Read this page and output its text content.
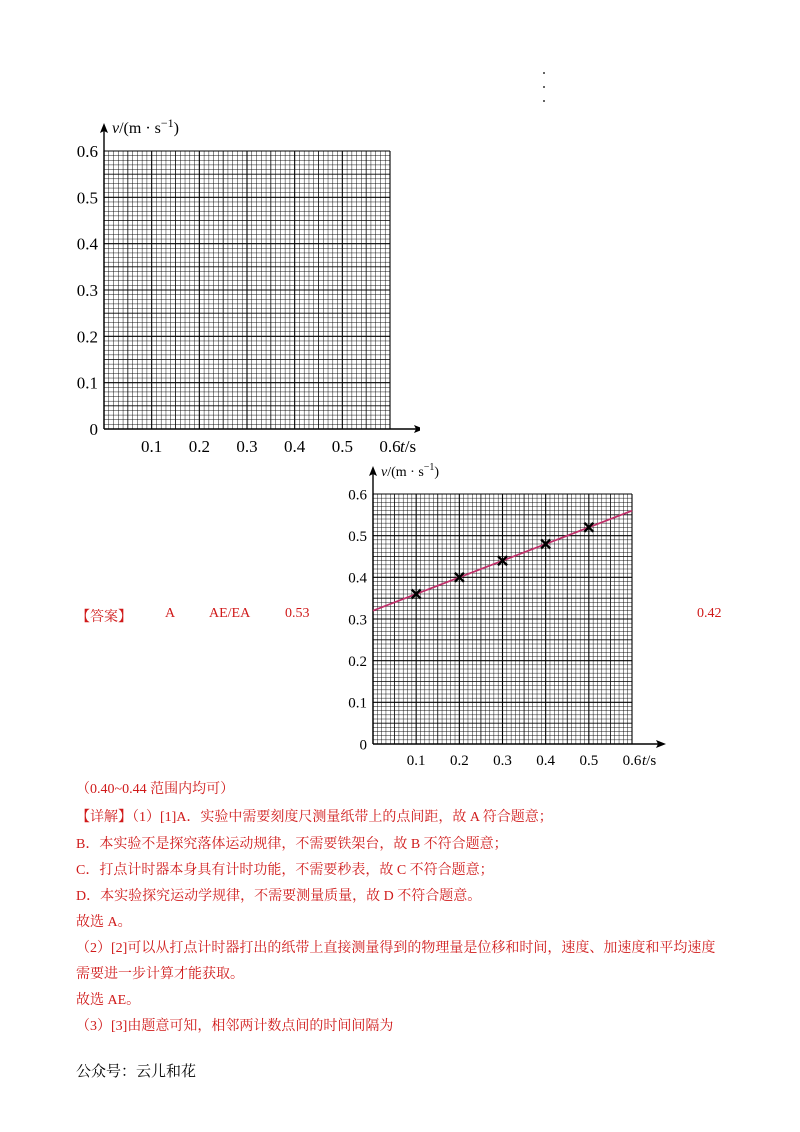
0.1 0.2 0.3 0.4 0.5 0.6
0.1
0.2
0.3
0.4
0.5
0.6
0
t/s
$v/(m \cdot s^{-1})$
0.1 0.2 0.3 0.4 0.5 0.6
0.1
0.2
0.3
0.4
0.5
0.6
0
t/s
$v/(m \cdot s^{-1})$
【答案】 A AE/EA 0.53	0.42
（0.40~0.44 范围内均可）
【详解】（1）[1]A．实验中需要刻度尺测量纸带上的点间距，故 A 符合题意；
B．本实验不是探究落体运动规律，不需要铁架台，故 B 不符合题意；
C．打点计时器本身具有计时功能，不需要秒表，故 C 不符合题意；
D．本实验探究运动学规律，不需要测量质量，故 D 不符合题意。
故选 A。
（2）[2]可以从打点计时器打出的纸带上直接测量得到的物理量是位移和时间，速度、加速度和平均速度
需要进一步计算才能获取。
故选 AE。
（3）[3]由题意可知，相邻两计数点间的时间间隔为
公众号：云儿和花
